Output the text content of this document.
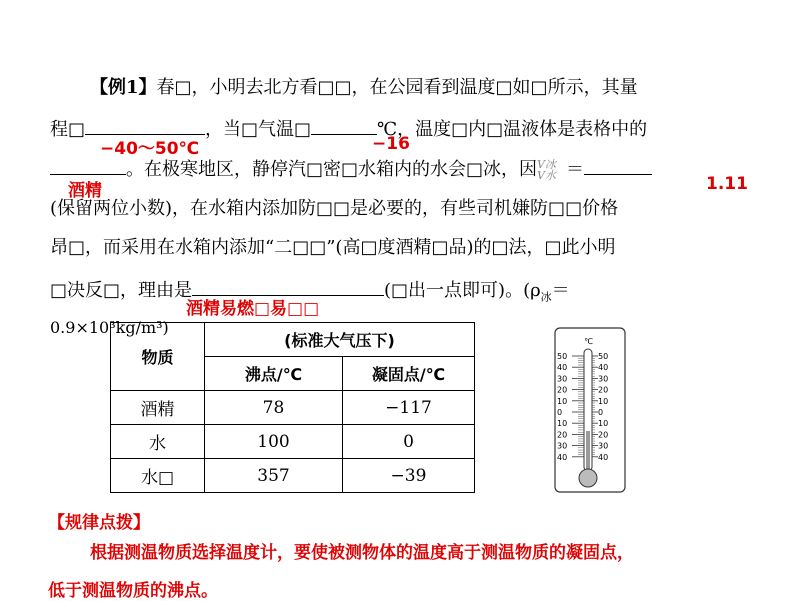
【例1】春□，小明去北方看□□，在公园看到温度□如□所示，其量
程□	，当□气温□	℃，温度□内□温液体是表格中的
−40～50℃	−16
。在极寒地区，静停汽□密□水箱内的水会□冰，因V冰
V水 ＝
酒精	1.11
(保留两位小数)，在水箱内添加防□□是必要的，有些司机嫌防□□价格
昂□，而采用在水箱内添加“二□□”(高□度酒精□品)的□法，□此小明
□决反□，理由是	(□出一点即可)。($\rho_冰=$
酒精易燃□易□□
0.9×10³kg/m³)
物质	(标准大气压下)	
	沸点/℃	凝固点/℃
酒精	78	−117
水	100	0
水□	357	−39
℃
50	50
40	40
30	30
20	20
10	10
0	0
10	10
20	20
30	30
40	40
【规律点拨】
根据测温物质选择温度计，要使被测物体的温度高于测温物质的凝固点，
低于测温物质的沸点。
